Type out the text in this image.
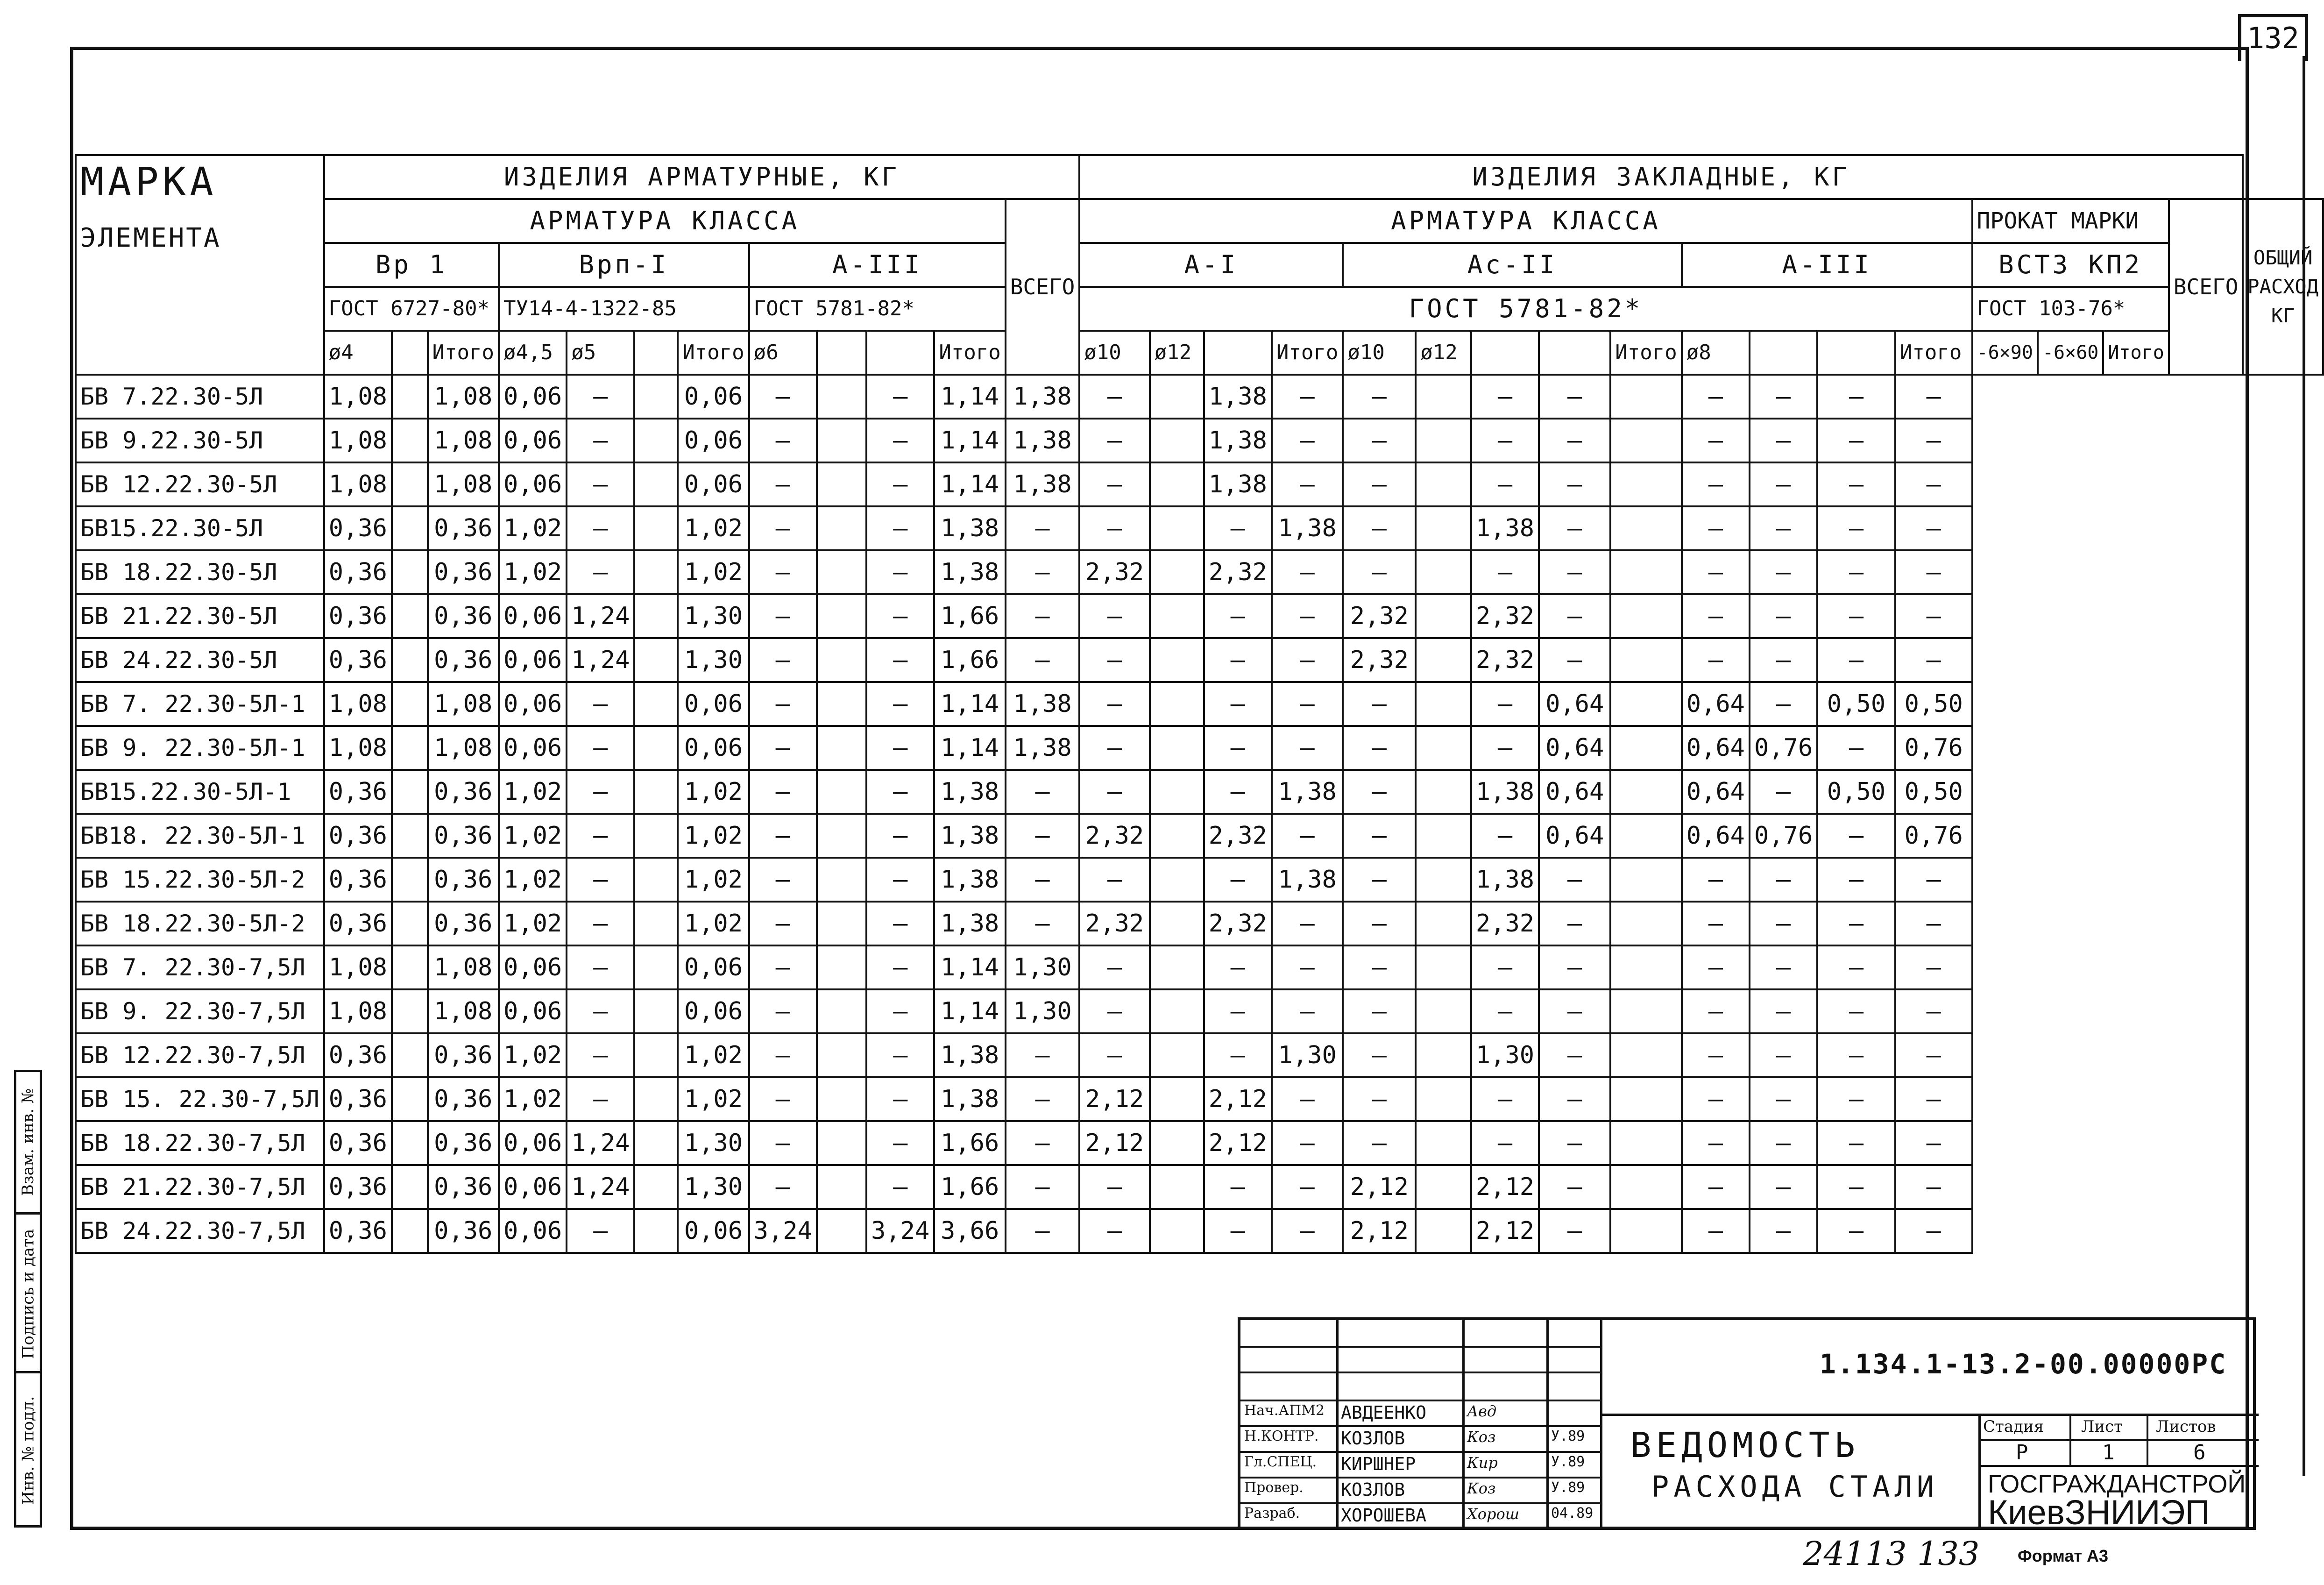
132
МАРКА
ЭЛЕМЕНТА	ИЗДЕЛИЯ АРМАТУРНЫЕ, КГ												ИЗДЕЛИЯ ЗАКЛАДНЫЕ, КГ																	
	АРМАТУРА КЛАССА											ВСЕГО	АРМАТУРА КЛАССА													ПРОКАТ МАРКИ			ВСЕГО	ОБЩИЙ РАСХОД КГ
	Вр 1			Врп-I				А-III					А-I				Ас-II					А-III				ВСТ3 КП2				
	ГОСТ 6727-80*			ТУ14-4-1322-85				ГОСТ 5781-82*					ГОСТ 5781-82*													ГОСТ 103-76*				
	ø4		Итого	ø4,5	ø5		Итого	ø6			Итого		ø10	ø12		Итого	ø10	ø12			Итого	ø8			Итого	-6×90	-6×60	Итого		
БВ 7.22.30-5Л	1,08		1,08	0,06	–		0,06	–		–	1,14	1,38	–		1,38	–	–		–	–		–	–	–	–					
БВ 9.22.30-5Л	1,08		1,08	0,06	–		0,06	–		–	1,14	1,38	–		1,38	–	–		–	–		–	–	–	–					
БВ 12.22.30-5Л	1,08		1,08	0,06	–		0,06	–		–	1,14	1,38	–		1,38	–	–		–	–		–	–	–	–					
БВ15.22.30-5Л	0,36		0,36	1,02	–		1,02	–		–	1,38	–	–		–	1,38	–		1,38	–		–	–	–	–					
БВ 18.22.30-5Л	0,36		0,36	1,02	–		1,02	–		–	1,38	–	2,32		2,32	–	–		–	–		–	–	–	–					
БВ 21.22.30-5Л	0,36		0,36	0,06	1,24		1,30	–		–	1,66	–	–		–	–	2,32		2,32	–		–	–	–	–					
БВ 24.22.30-5Л	0,36		0,36	0,06	1,24		1,30	–		–	1,66	–	–		–	–	2,32		2,32	–		–	–	–	–					
БВ 7. 22.30-5Л-1	1,08		1,08	0,06	–		0,06	–		–	1,14	1,38	–		–	–	–		–	0,64		0,64	–	0,50	0,50					
БВ 9. 22.30-5Л-1	1,08		1,08	0,06	–		0,06	–		–	1,14	1,38	–		–	–	–		–	0,64		0,64	0,76	–	0,76					
БВ15.22.30-5Л-1	0,36		0,36	1,02	–		1,02	–		–	1,38	–	–		–	1,38	–		1,38	0,64		0,64	–	0,50	0,50					
БВ18. 22.30-5Л-1	0,36		0,36	1,02	–		1,02	–		–	1,38	–	2,32		2,32	–	–		–	0,64		0,64	0,76	–	0,76					
БВ 15.22.30-5Л-2	0,36		0,36	1,02	–		1,02	–		–	1,38	–	–		–	1,38	–		1,38	–		–	–	–	–					
БВ 18.22.30-5Л-2	0,36		0,36	1,02	–		1,02	–		–	1,38	–	2,32		2,32	–	–		2,32	–		–	–	–	–					
БВ 7. 22.30-7,5Л	1,08		1,08	0,06	–		0,06	–		–	1,14	1,30	–		–	–	–		–	–		–	–	–	–					
БВ 9. 22.30-7,5Л	1,08		1,08	0,06	–		0,06	–		–	1,14	1,30	–		–	–	–		–	–		–	–	–	–					
БВ 12.22.30-7,5Л	0,36		0,36	1,02	–		1,02	–		–	1,38	–	–		–	1,30	–		1,30	–		–	–	–	–					
БВ 15. 22.30-7,5Л	0,36		0,36	1,02	–		1,02	–		–	1,38	–	2,12		2,12	–	–		–	–		–	–	–	–					
БВ 18.22.30-7,5Л	0,36		0,36	0,06	1,24		1,30	–		–	1,66	–	2,12		2,12	–	–		–	–		–	–	–	–					
БВ 21.22.30-7,5Л	0,36		0,36	0,06	1,24		1,30	–		–	1,66	–	–		–	–	2,12		2,12	–		–	–	–	–					
БВ 24.22.30-7,5Л	0,36		0,36	0,06	–		0,06	3,24		3,24	3,66	–	–		–	–	2,12		2,12	–		–	–	–	–					
Взам. инв. №
Подпись и дата
Инв. № подл.
1.134.1-13.2-00.00000РС
ВЕДОМОСТЬ
РАСХОДА СТАЛИ
Стадия Лист Листов
Р	1	6
ГОСГРАЖДАНСТРОЙ
КиевЗНИИЭП
Нач.АПМ2 АВДЕЕНКО	Авд
Н.КОНТР. КОЗЛОВ	Коз	У.89
Гл.СПЕЦ. КИРШНЕР	Кир	У.89
Провер. КОЗЛОВ	Коз	У.89
Разраб. ХОРОШЕВА	Хорош 04.89
24113 133 Формат А3
